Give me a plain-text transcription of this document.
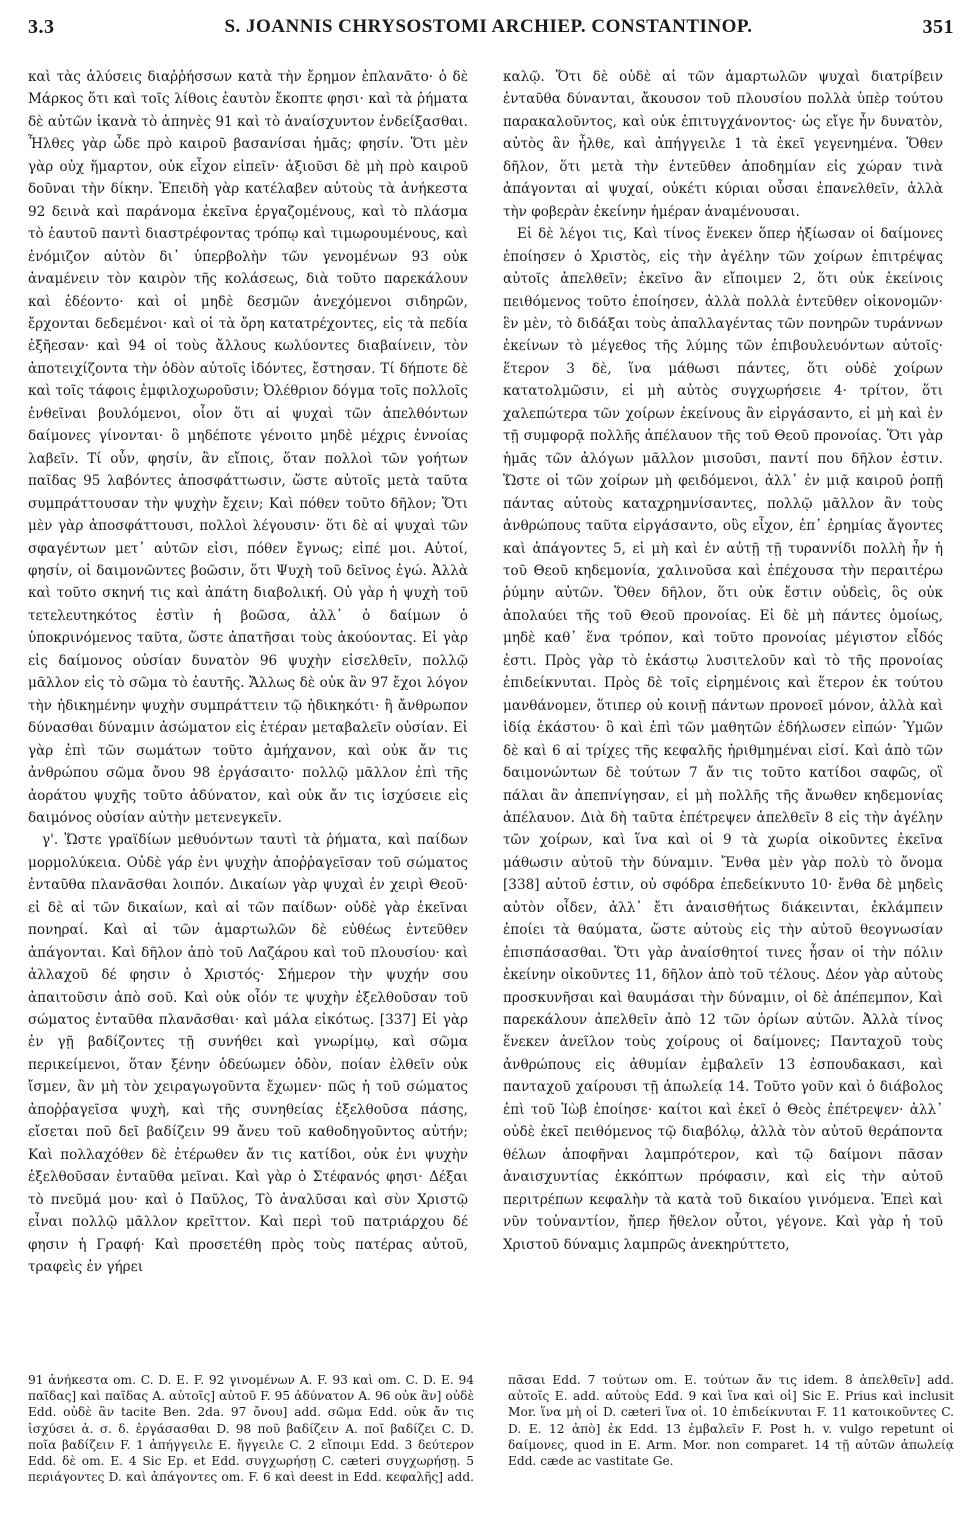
3.3	S. JOANNIS CHRYSOSTOMI ARCHIEP. CONSTANTINOP.	351

καὶ τὰς ἁλύσεις διαῤῥήσσων κατὰ τὴν ἔρημον ἐπλανᾶτο· ὁ δὲ Μάρκος ὅτι καὶ τοῖς λίθοις ἑαυτὸν ἔκοπτε φησι· καὶ τὰ ῥήματα δὲ αὐτῶν ἱκανὰ τὸ ἀπηνὲς 91 καὶ τὸ ἀναίσχυντον ἐνδείξασθαι. Ἦλθες γὰρ ὧδε πρὸ καιροῦ βασανίσαι ἡμᾶς; φησίν. Ὅτι μὲν γὰρ οὐχ ἥμαρτον, οὐκ εἶχον εἰπεῖν· ἀξιοῦσι δὲ μὴ πρὸ καιροῦ δοῦναι τὴν δίκην. Ἐπειδὴ γὰρ κατέλαβεν αὐτοὺς τὰ ἀνήκεστα 92 δεινὰ καὶ παράνομα ἐκεῖνα ἐργαζομένους, καὶ τὸ πλάσμα τὸ ἑαυτοῦ παντὶ διαστρέφοντας τρόπῳ καὶ τιμωρουμένους, καὶ ἐνόμιζον αὐτὸν δι᾽ ὑπερβολὴν τῶν γενομένων 93 οὐκ ἀναμένειν τὸν καιρὸν τῆς κολάσεως, διὰ τοῦτο παρεκάλουν καὶ ἐδέοντο· καὶ οἱ μηδὲ δεσμῶν ἀνεχόμενοι σιδηρῶν, ἔρχονται δεδεμένοι· καὶ οἱ τὰ ὄρη κατατρέχοντες, εἰς τὰ πεδία ἐξῆεσαν· καὶ 94 οἱ τοὺς ἄλλους κωλύοντες διαβαίνειν, τὸν ἀποτειχίζοντα τὴν ὁδὸν αὐτοῖς ἰδόντες, ἔστησαν. Τί δήποτε δὲ καὶ τοῖς τάφοις ἐμφιλοχωροῦσιν; Ὀλέθριον δόγμα τοῖς πολλοῖς ἐνθεῖναι βουλόμενοι, οἷον ὅτι αἱ ψυχαὶ τῶν ἀπελθόντων δαίμονες γίνονται· ὃ μηδέποτε γένοιτο μηδὲ μέχρις ἐννοίας λαβεῖν. Τί οὖν, φησίν, ἂν εἴποις, ὅταν πολλοὶ τῶν γοήτων παῖδας 95 λαβόντες ἀποσφάττωσιν, ὥστε αὐτοῖς μετὰ ταῦτα συμπράττουσαν τὴν ψυχὴν ἔχειν; Καὶ πόθεν τοῦτο δῆλον; Ὅτι μὲν γὰρ ἀποσφάττουσι, πολλοὶ λέγουσιν· ὅτι δὲ αἱ ψυχαὶ τῶν σφαγέντων μετ᾽ αὐτῶν εἰσι, πόθεν ἔγνως; εἰπέ μοι. Αὐτοί, φησίν, οἱ δαιμονῶντες βοῶσιν, ὅτι Ψυχὴ τοῦ δεῖνος ἐγώ. Ἀλλὰ καὶ τοῦτο σκηνή τις καὶ ἀπάτη διαβολική. Οὐ γὰρ ἡ ψυχὴ τοῦ τετελευτηκότος ἐστὶν ἡ βοῶσα, ἀλλ᾽ ὁ δαίμων ὁ ὑποκρινόμενος ταῦτα, ὥστε ἀπατῆσαι τοὺς ἀκούοντας. Εἰ γὰρ εἰς δαίμονος οὐσίαν δυνατὸν 96 ψυχὴν εἰσελθεῖν, πολλῷ μᾶλλον εἰς τὸ σῶμα τὸ ἑαυτῆς. Ἄλλως δὲ οὐκ ἂν 97 ἔχοι λόγον τὴν ἠδικημένην ψυχὴν συμπράττειν τῷ ἠδικηκότι· ἢ ἄνθρωπον δύνασθαι δύναμιν ἀσώματον εἰς ἑτέραν μεταβαλεῖν οὐσίαν. Εἰ γὰρ ἐπὶ τῶν σωμάτων τοῦτο ἀμήχανον, καὶ οὐκ ἄν τις ἀνθρώπου σῶμα ὄνου 98 ἐργάσαιτο· πολλῷ μᾶλλον ἐπὶ τῆς ἀοράτου ψυχῆς τοῦτο ἀδύνατον, καὶ οὐκ ἄν τις ἰσχύσειε εἰς δαιμόνος οὐσίαν αὐτὴν μετενεγκεῖν.

γ'. Ὥστε γραϊδίων μεθυόντων ταυτὶ τὰ ῥήματα, καὶ παίδων μορμολύκεια. Οὐδὲ γάρ ἐνι ψυχὴν ἀποῤῥαγεῖσαν τοῦ σώματος ἐνταῦθα πλανᾶσθαι λοιπόν. Δικαίων γὰρ ψυχαὶ ἐν χειρὶ Θεοῦ· εἰ δὲ αἱ τῶν δικαίων, καὶ αἱ τῶν παίδων· οὐδὲ γὰρ ἐκεῖναι πονηραί. Καὶ αἱ τῶν ἁμαρτωλῶν δὲ εὐθέως ἐντεῦθεν ἀπάγονται. Καὶ δῆλον ἀπὸ τοῦ Λαζάρου καὶ τοῦ πλουσίου· καὶ ἀλλαχοῦ δέ φησιν ὁ Χριστός· Σήμερον τὴν ψυχήν σου ἀπαιτοῦσιν ἀπὸ σοῦ. Καὶ οὐκ οἷόν τε ψυχὴν ἐξελθοῦσαν τοῦ σώματος ἐνταῦθα πλανᾶσθαι· καὶ μάλα εἰκότως. [337] Εἰ γὰρ ἐν γῇ βαδίζοντες τῇ συνήθει καὶ γνωρίμῳ, καὶ σῶμα περικείμενοι, ὅταν ξένην ὁδεύωμεν ὁδὸν, ποίαν ἐλθεῖν οὐκ ἴσμεν, ἂν μὴ τὸν χειραγωγοῦντα ἔχωμεν· πῶς ἡ τοῦ σώματος ἀποῤῥαγεῖσα ψυχὴ, καὶ τῆς συνηθείας ἐξελθοῦσα πάσης, εἴσεται ποῦ δεῖ βαδίζειν 99 ἄνευ τοῦ καθοδηγοῦντος αὐτήν; Καὶ πολλαχόθεν δὲ ἑτέρωθεν ἄν τις κατίδοι, οὐκ ἐνι ψυχὴν ἐξελθοῦσαν ἐνταῦθα μεῖναι. Καὶ γὰρ ὁ Στέφανός φησι· Δέξαι τὸ πνεῦμά μου· καὶ ὁ Παῦλος, Τὸ ἀναλῦσαι καὶ σὺν Χριστῷ εἶναι πολλῷ μᾶλλον κρεῖττον. Καὶ περὶ τοῦ πατριάρχου δέ φησιν ἡ Γραφή· Καὶ προσετέθη πρὸς τοὺς πατέρας αὐτοῦ, τραφεὶς ἐν γήρει

καλῷ. Ὅτι δὲ οὐδὲ αἱ τῶν ἁμαρτωλῶν ψυχαὶ διατρίβειν ἐνταῦθα δύνανται, ἄκουσον τοῦ πλουσίου πολλὰ ὑπὲρ τούτου παρακαλοῦντος, καὶ οὐκ ἐπιτυγχάνοντος· ὡς εἴγε ἦν δυνατὸν, αὐτὸς ἂν ἦλθε, καὶ ἀπήγγειλε 1 τὰ ἐκεῖ γεγενημένα. Ὅθεν δῆλον, ὅτι μετὰ τὴν ἐντεῦθεν ἀποδημίαν εἰς χώραν τινὰ ἀπάγονται αἱ ψυχαί, οὐκέτι κύριαι οὖσαι ἐπανελθεῖν, ἀλλὰ τὴν φοβερὰν ἐκείνην ἡμέραν ἀναμένουσαι.

Εἰ δὲ λέγοι τις, Καὶ τίνος ἕνεκεν ὅπερ ἠξίωσαν οἱ δαίμονες ἐποίησεν ὁ Χριστὸς, εἰς τὴν ἀγέλην τῶν χοίρων ἐπιτρέψας αὐτοῖς ἀπελθεῖν; ἐκεῖνο ἂν εἴποιμεν 2, ὅτι οὐκ ἐκείνοις πειθόμενος τοῦτο ἐποίησεν, ἀλλὰ πολλὰ ἐντεῦθεν οἰκονομῶν· ἓν μὲν, τὸ διδάξαι τοὺς ἀπαλλαγέντας τῶν πονηρῶν τυράννων ἐκείνων τὸ μέγεθος τῆς λύμης τῶν ἐπιβουλευόντων αὐτοῖς· ἕτερον 3 δὲ, ἵνα μάθωσι πάντες, ὅτι οὐδὲ χοίρων κατατολμῶσιν, εἰ μὴ αὐτὸς συγχωρήσειε 4· τρίτον, ὅτι χαλεπώτερα τῶν χοίρων ἐκείνους ἂν εἰργάσαντο, εἰ μὴ καὶ ἐν τῇ συμφορᾷ πολλῆς ἀπέλαυον τῆς τοῦ Θεοῦ προνοίας. Ὅτι γὰρ ἡμᾶς τῶν ἀλόγων μᾶλλον μισοῦσι, παντί που δῆλον ἐστιν. Ὥστε οἱ τῶν χοίρων μὴ φειδόμενοι, ἀλλ᾽ ἐν μιᾷ καιροῦ ῥοπῇ πάντας αὐτοὺς καταχρημνίσαντες, πολλῷ μᾶλλον ἂν τοὺς ἀνθρώπους ταῦτα εἰργάσαντο, οὓς εἶχον, ἐπ᾽ ἐρημίας ἄγοντες καὶ ἀπάγοντες 5, εἰ μὴ καὶ ἐν αὐτῇ τῇ τυραννίδι πολλὴ ἦν ἡ τοῦ Θεοῦ κηδεμονία, χαλινοῦσα καὶ ἐπέχουσα τὴν περαιτέρω ῥύμην αὐτῶν. Ὅθεν δῆλον, ὅτι οὐκ ἔστιν οὐδεὶς, ὃς οὐκ ἀπολαύει τῆς τοῦ Θεοῦ προνοίας. Εἰ δὲ μὴ πάντες ὁμοίως, μηδὲ καθ᾽ ἕνα τρόπον, καὶ τοῦτο προνοίας μέγιστον εἶδός ἐστι. Πρὸς γὰρ τὸ ἑκάστῳ λυσιτελοῦν καὶ τὸ τῆς προνοίας ἐπιδείκνυται. Πρὸς δὲ τοῖς εἰρημένοις καὶ ἕτερον ἐκ τούτου μανθάνομεν, ὅτιπερ οὐ κοινῇ πάντων προνοεῖ μόνον, ἀλλὰ καὶ ἰδίᾳ ἑκάστου· ὃ καὶ ἐπὶ τῶν μαθητῶν ἐδήλωσεν εἰπών· Ὑμῶν δὲ καὶ 6 αἱ τρίχες τῆς κεφαλῆς ἠριθμημέναι εἰσί. Καὶ ἀπὸ τῶν δαιμονώντων δὲ τούτων 7 ἄν τις τοῦτο κατίδοι σαφῶς, οἳ πάλαι ἂν ἀπεπνίγησαν, εἰ μὴ πολλῆς τῆς ἄνωθεν κηδεμονίας ἀπέλαυον. Διὰ δὴ ταῦτα ἐπέτρεψεν ἀπελθεῖν 8 εἰς τὴν ἀγέλην τῶν χοίρων, καὶ ἵνα καὶ οἱ 9 τὰ χωρία οἰκοῦντες ἐκεῖνα μάθωσιν αὐτοῦ τὴν δύναμιν. Ἔνθα μὲν γὰρ πολὺ τὸ ὄνομα [338] αὐτοῦ ἐστιν, οὐ σφόδρα ἐπεδείκνυτο 10· ἔνθα δὲ μηδεὶς αὐτὸν οἶδεν, ἀλλ᾽ ἔτι ἀναισθήτως διάκεινται, ἐκλάμπειν ἐποίει τὰ θαύματα, ὥστε αὐτοὺς εἰς τὴν αὐτοῦ θεογνωσίαν ἐπισπάσασθαι. Ὅτι γὰρ ἀναίσθητοί τινες ἦσαν οἱ τὴν πόλιν ἐκείνην οἰκοῦντες 11, δῆλον ἀπὸ τοῦ τέλους. Δέον γὰρ αὐτοὺς προσκυνῆσαι καὶ θαυμάσαι τὴν δύναμιν, οἱ δὲ ἀπέπεμπον, Καὶ παρεκάλουν ἀπελθεῖν ἀπὸ 12 τῶν ὁρίων αὐτῶν. Ἀλλὰ τίνος ἕνεκεν ἀνεῖλον τοὺς χοίρους οἱ δαίμονες; Πανταχοῦ τοὺς ἀνθρώπους εἰς ἀθυμίαν ἐμβαλεῖν 13 ἐσπουδακασι, καὶ πανταχοῦ χαίρουσι τῇ ἀπωλείᾳ 14. Τοῦτο γοῦν καὶ ὁ διάβολος ἐπὶ τοῦ Ἰὼβ ἐποίησε· καίτοι καὶ ἐκεῖ ὁ Θεὸς ἐπέτρεψεν· ἀλλ᾽ οὐδὲ ἐκεῖ πειθόμενος τῷ διαβόλῳ, ἀλλὰ τὸν αὐτοῦ θεράποντα θέλων ἀποφῆναι λαμπρότερον, καὶ τῷ δαίμονι πᾶσαν ἀναισχυντίας ἐκκόπτων πρόφασιν, καὶ εἰς τὴν αὐτοῦ περιτρέπων κεφαλὴν τὰ κατὰ τοῦ δικαίου γινόμενα. Ἐπεὶ καὶ νῦν τοὐναντίον, ἤπερ ἤθελον οὗτοι, γέγονε. Καὶ γὰρ ἡ τοῦ Χριστοῦ δύναμις λαμπρῶς ἀνεκηρύττετο,

91 ἀνήκεστα om. C. D. E. F. 92 γινομένων A. F. 93 καὶ om. C. D. E. 94 παῖδας] καὶ παῖδας A. αὐτοῖς] αὐτοῦ F. 95 ἀδύνατον A. 96 οὐκ ἂν] οὐδὲ Edd. οὐδὲ ἂν tacite Ben. 2da. 97 ὄνου] add. σῶμα Edd. οὐκ ἄν τις ἰσχύσει ἀ. σ. δ. ἐργάσασθαι D. 98 ποῦ βαδίζειν A. ποῖ βαδίζει C. D. ποῖα βαδίζειν F. 1 ἀπήγγειλε E. ἤγγειλε C. 2 εἴποιμι Edd. 3 δεύτερον Edd. δὲ om. E. 4 Sic Ep. et Edd. συγχωρήσῃ C. cæteri συγχωρήσῃ. 5 περιάγοντες D. καὶ ἀπάγοντες om. F. 6 καὶ deest in Edd. κεφαλῆς] add. πᾶσαι Edd. 7 τούτων om. E. τούτων ἄν τις idem. 8 ἀπελθεῖν] add. αὐτοῖς E. add. αὐτοὺς Edd. 9 καὶ ἵνα καὶ οἱ] Sic E. Prius καὶ inclusit Mor. ἵνα μὴ οἱ D. cæteri ἵνα οἱ. 10 ἐπιδείκνυται F. 11 κατοικοῦντες C. D. E. 12 ἀπὸ] ἐκ Edd. 13 ἐμβαλεῖν F. Post h. v. vulgo repetunt οἱ δαίμονες, quod in E. Arm. Mor. non comparet. 14 τῇ αὐτῶν ἀπωλείᾳ Edd. cæde ac vastitate Ge.
